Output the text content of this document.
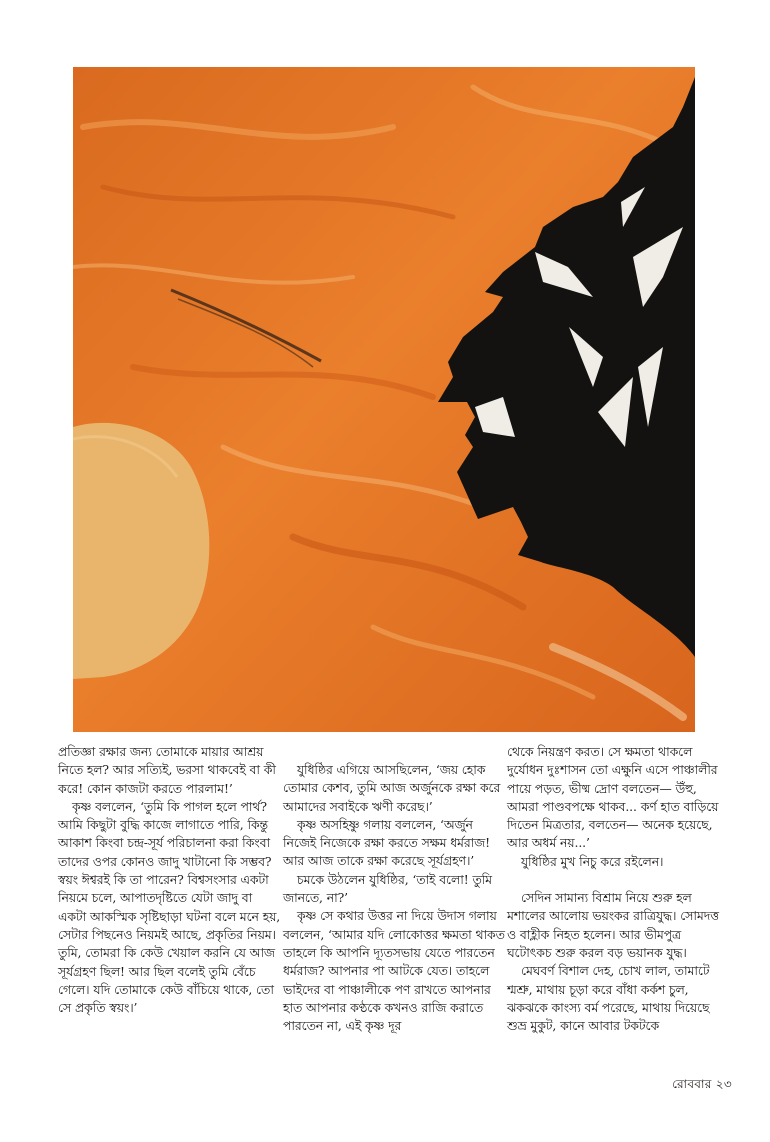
প্রতিজ্ঞা রক্ষার জন্য তোমাকে মায়ার আশ্রয় নিতে হল? আর সত্যিই, ভরসা থাকবেই বা কী করে! কোন কাজটা করতে পারলাম!’

কৃষ্ণ বললেন, ‘তুমি কি পাগল হলে পার্থ? আমি কিছুটা বুদ্ধি কাজে লাগাতে পারি, কিন্তু আকাশ কিংবা চন্দ্র-সূর্য পরিচালনা করা কিংবা তাদের ওপর কোনও জাদু খাটানো কি সম্ভব? স্বয়ং ঈশ্বরই কি তা পারেন? বিশ্বসংসার একটা নিয়মে চলে, আপাতদৃষ্টিতে যেটা জাদু বা একটা আকস্মিক সৃষ্টিছাড়া ঘটনা বলে মনে হয়, সেটার পিছনেও নিয়মই আছে, প্রকৃতির নিয়ম। তুমি, তোমরা কি কেউ খেয়াল করনি যে আজ সূর্যগ্রহণ ছিল! আর ছিল বলেই তুমি বেঁচে গেলে। যদি তোমাকে কেউ বাঁচিয়ে থাকে, তো সে প্রকৃতি স্বয়ং।’

যুধিষ্ঠির এগিয়ে আসছিলেন, ‘জয় হোক তোমার কেশব, তুমি আজ অর্জুনকে রক্ষা করে আমাদের সবাইকে ঋণী করেছ।’

কৃষ্ণ অসহিষ্ণু গলায় বললেন, ‘অর্জুন নিজেই নিজেকে রক্ষা করতে সক্ষম ধর্মরাজ! আর আজ তাকে রক্ষা করেছে সূর্যগ্রহণ।’

চমকে উঠলেন যুধিষ্ঠির, ‘তাই বলো! তুমি জানতে, না?’

কৃষ্ণ সে কথার উত্তর না দিয়ে উদাস গলায় বললেন, ‘আমার যদি লোকোত্তর ক্ষমতা থাকত তাহলে কি আপনি দ্যূতসভায় যেতে পারতেন ধর্মরাজ? আপনার পা আটকে যেত। তাহলে ভাইদের বা পাঞ্চালীকে পণ রাখতে আপনার হাত আপনার কণ্ঠকে কখনও রাজি করাতে পারতেন না, এই কৃষ্ণ দূর

থেকে নিয়ন্ত্রণ করত। সে ক্ষমতা থাকলে দুর্যোধন দুঃশাসন তো এক্ষুনি এসে পাঞ্চালীর পায়ে পড়ত, ভীষ্ম দ্রোণ বলতেন— উঁহু, আমরা পাণ্ডবপক্ষে থাকব... কর্ণ হাত বাড়িয়ে দিতেন মিত্রতার, বলতেন— অনেক হয়েছে, আর অধর্ম নয়...’

যুধিষ্ঠির মুখ নিচু করে রইলেন।

সেদিন সামান্য বিশ্রাম নিয়ে শুরু হল মশালের আলোয় ভয়ংকর রাত্রিযুদ্ধ। সোমদত্ত ও বাহ্লীক নিহত হলেন। আর ভীমপুত্র ঘটোৎকচ শুরু করল বড় ভয়ানক যুদ্ধ।

মেঘবর্ণ বিশাল দেহ, চোখ লাল, তামাটে শ্মশ্রু, মাথায় চূড়া করে বাঁধা কর্কশ চুল, ঝকঝকে কাংস্য বর্ম পরেছে, মাথায় দিয়েছে শুভ্র মুকুট, কানে আবার টকটকে

রোববার ২৩
